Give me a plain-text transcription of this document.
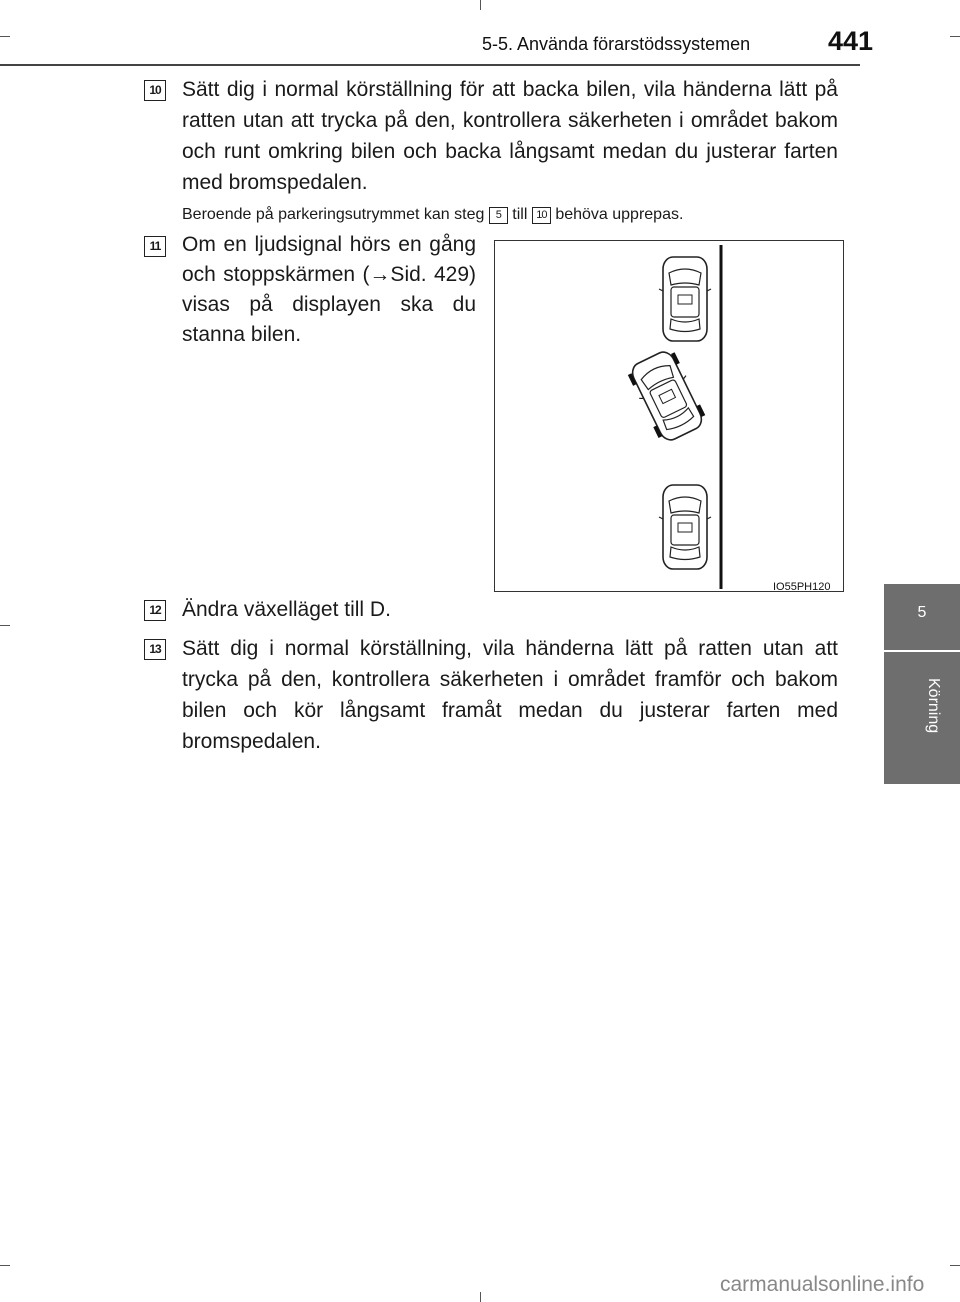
5-5. Använda förarstödssystemen	441
5
Körning
10 Sätt dig i normal körställning för att backa bilen, vila händerna lätt på ratten utan att trycka på den, kontrollera säkerheten i området bakom och runt omkring bilen och backa långsamt medan du justerar farten med bromspedalen.
Beroende på parkeringsutrymmet kan steg 5 till 10 behöva upprepas.
11 Om en ljudsignal hörs en gång och stoppskärmen (→Sid. 429) visas på displayen ska du stanna bilen.
IO55PH120
12 Ändra växelläget till D.
13 Sätt dig i normal körställning, vila händerna lätt på ratten utan att trycka på den, kontrollera säkerheten i området framför och bakom bilen och kör långsamt framåt medan du justerar farten med bromspedalen.
carmanualsonline.info
